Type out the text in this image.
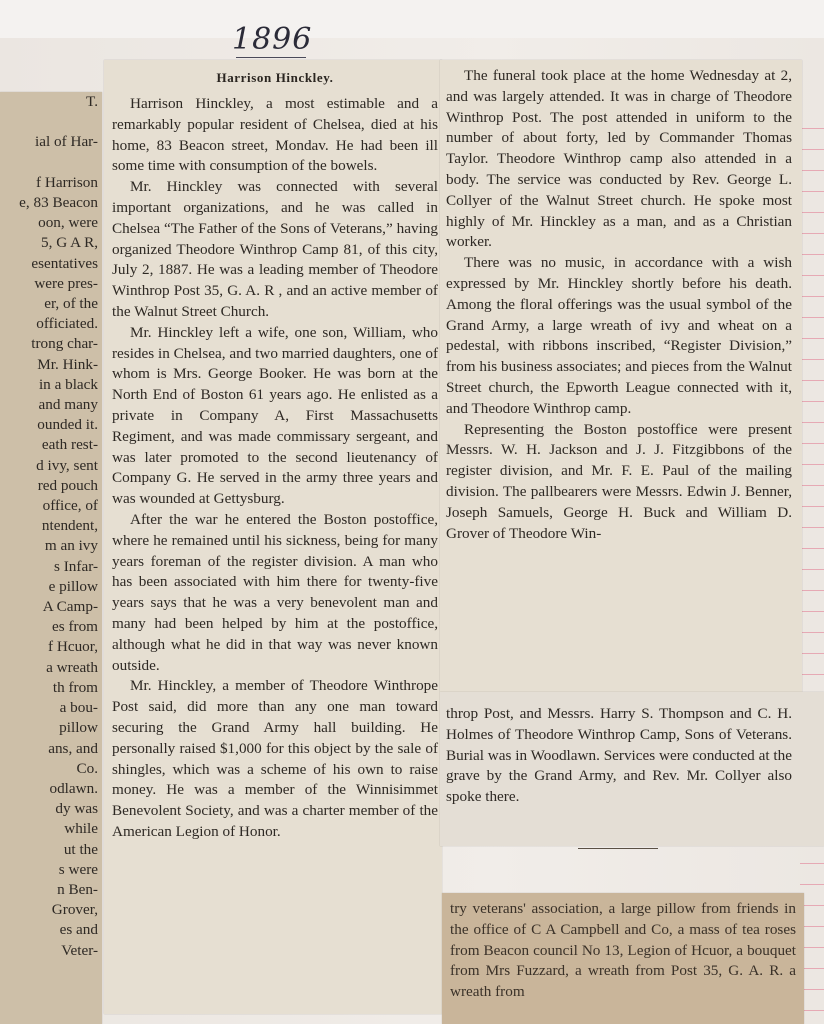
1896
T.

ial of Har-

f Harrison
e, 83 Beacon
oon, were
5, G A R,
esentatives
were pres-
er, of the
officiated.
trong char-
Mr. Hink-
in a black
and many
ounded it.
eath rest-
d ivy, sent
red pouch
office, of
ntendent,
m an ivy
s Infar-
e pillow
A Camp-
es from
f Hcuor,
a wreath
th from
a bou-
pillow
ans, and
Co.
odlawn.
dy was
while
ut the
s were
n Ben-
Grover,
es and
Veter-
Harrison Hinckley.

Harrison Hinckley, a most estimable and a remarkably popular resident of Chelsea, died at his home, 83 Beacon street, Mondav. He had been ill some time with consumption of the bowels.

Mr. Hinckley was connected with several important organizations, and he was called in Chelsea “The Father of the Sons of Veterans,” having organized Theodore Winthrop Camp 81, of this city, July 2, 1887. He was a leading member of Theodore Winthrop Post 35, G. A. R , and an active member of the Walnut Street Church.

Mr. Hinckley left a wife, one son, William, who resides in Chelsea, and two married daughters, one of whom is Mrs. George Booker. He was born at the North End of Boston 61 years ago. He enlisted as a private in Company A, First Massachusetts Regiment, and was made commissary sergeant, and was later promoted to the second lieutenancy of Company G. He served in the army three years and was wounded at Gettysburg.

After the war he entered the Boston postoffice, where he remained until his sickness, being for many years foreman of the register division. A man who has been associated with him there for twenty-five years says that he was a very benevolent man and many had been helped by him at the postoffice, although what he did in that way was never known outside.

Mr. Hinckley, a member of Theodore Winthrope Post said, did more than any one man toward securing the Grand Army hall building. He personally raised $1,000 for this object by the sale of shingles, which was a scheme of his own to raise money. He was a member of the Winnisimmet Benevolent Society, and was a charter member of the American Legion of Honor.

The funeral took place at the home Wednesday at 2, and was largely attended. It was in charge of Theodore Winthrop Post. The post attended in uniform to the number of about forty, led by Commander Thomas Taylor. Theodore Winthrop camp also attended in a body. The service was conducted by Rev. George L. Collyer of the Walnut Street church. He spoke most highly of Mr. Hinckley as a man, and as a Christian worker.

There was no music, in accordance with a wish expressed by Mr. Hinckley shortly before his death. Among the floral offerings was the usual symbol of the Grand Army, a large wreath of ivy and wheat on a pedestal, with ribbons inscribed, “Register Division,” from his business associates; and pieces from the Walnut Street church, the Epworth League connected with it, and Theodore Winthrop camp.

Representing the Boston postoffice were present Messrs. W. H. Jackson and J. J. Fitzgibbons of the register division, and Mr. F. E. Paul of the mailing division. The pallbearers were Messrs. Edwin J. Benner, Joseph Samuels, George H. Buck and William D. Grover of Theodore Win-

throp Post, and Messrs. Harry S. Thompson and C. H. Holmes of Theodore Winthrop Camp, Sons of Veterans. Burial was in Woodlawn. Services were conducted at the grave by the Grand Army, and Rev. Mr. Collyer also spoke there.

try veterans' association, a large pillow from friends in the office of C A Campbell and Co, a mass of tea roses from Beacon council No 13, Legion of Hcuor, a bouquet from Mrs Fuzzard, a wreath from Post 35, G. A. R. a wreath from
